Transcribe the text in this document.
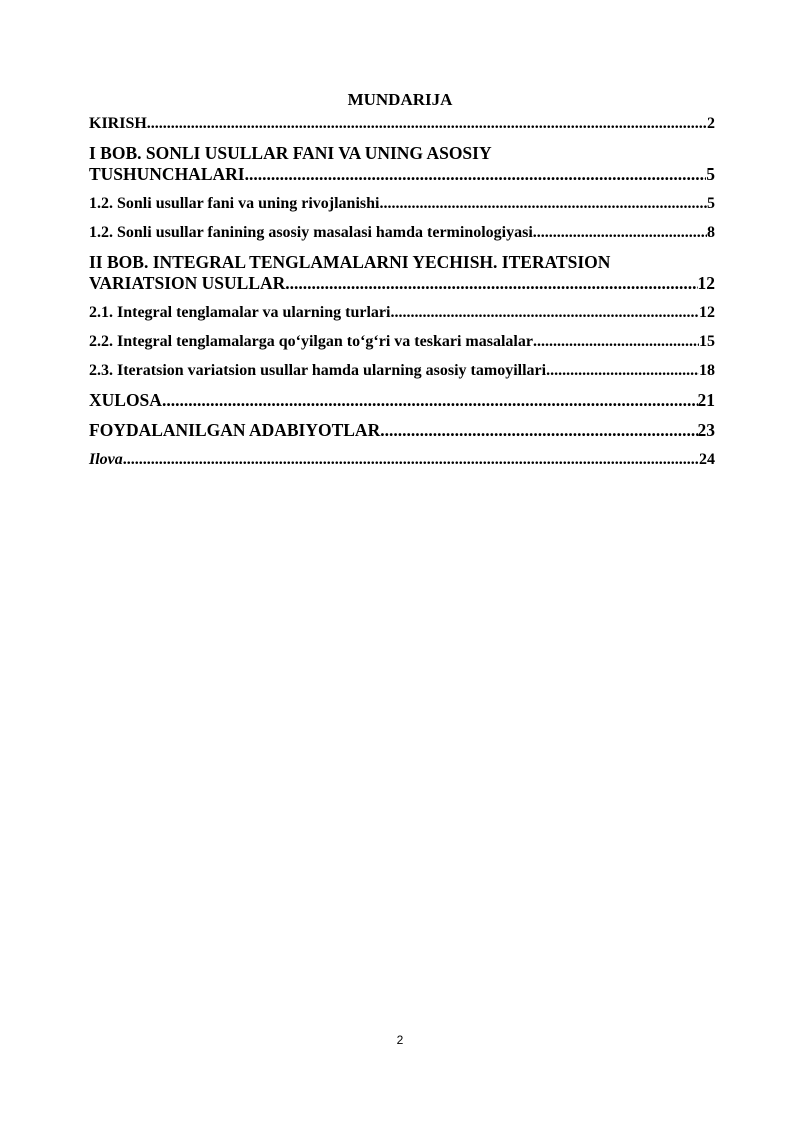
MUNDARIJA
KIRISH .....	2
I BOB. SONLI USULLAR FANI VA UNING ASOSIY
TUSHUNCHALARI .....	5
1.2. Sonli usullar fani va uning rivojlanishi .....	5
1.2. Sonli usullar fanining asosiy masalasi hamda terminologiyasi .....	8
II BOB. INTEGRAL TENGLAMALARNI YECHISH. ITERATSION
VARIATSION USULLAR .....	12
2.1. Integral tenglamalar va ularning turlari .....	12
2.2. Integral tenglamalarga qo‘yilgan to‘g‘ri va teskari masalalar .....	15
2.3. Iteratsion variatsion usullar hamda ularning asosiy tamoyillari .....	18
XULOSA .....	21
FOYDALANILGAN ADABIYOTLAR .....	23
Ilova .....	24
2
